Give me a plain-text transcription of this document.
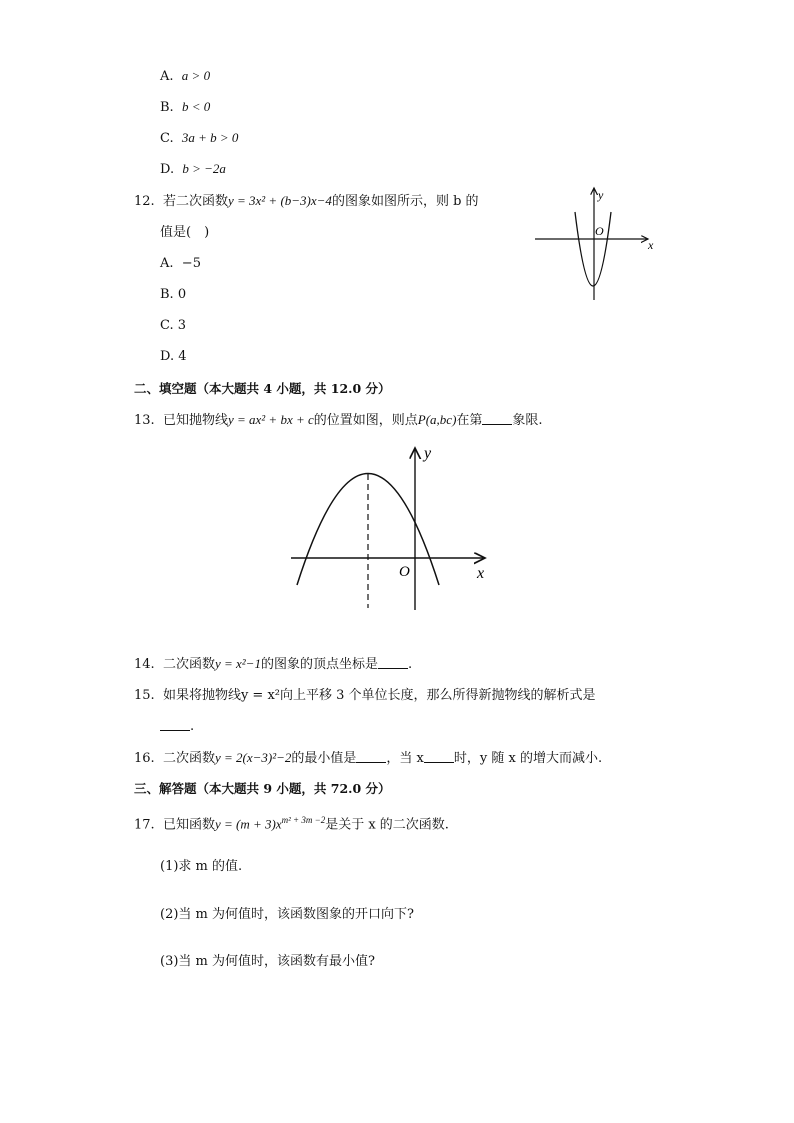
A. a > 0
B. b < 0
C. 3a + b > 0
D. b > −2a
12. 若二次函数y = 3x² + (b−3)x−4的图象如图所示，则 b 的
值是(　)
A. −5
B. 0
C. 3
D. 4
y
O
x
二、填空题（本大题共 4 小题，共 12.0 分）
13. 已知抛物线y = ax² + bx + c的位置如图，则点P(a,bc)在第 象限.
y
O	x
14. 二次函数y = x²−1的图象的顶点坐标是 .
15. 如果将抛物线y = x²向上平移 3 个单位长度，那么所得新抛物线的解析式是
.
16. 二次函数y = 2(x−3)²−2的最小值是 ，当 x 时，y 随 x 的增大而减小.
三、解答题（本大题共 9 小题，共 72.0 分）
17. 已知函数$y = (m + 3)x^{m^2 + 3m -2}$是关于 x 的二次函数.
(1)求 m 的值.
(2)当 m 为何值时，该函数图象的开口向下?
(3)当 m 为何值时，该函数有最小值?
